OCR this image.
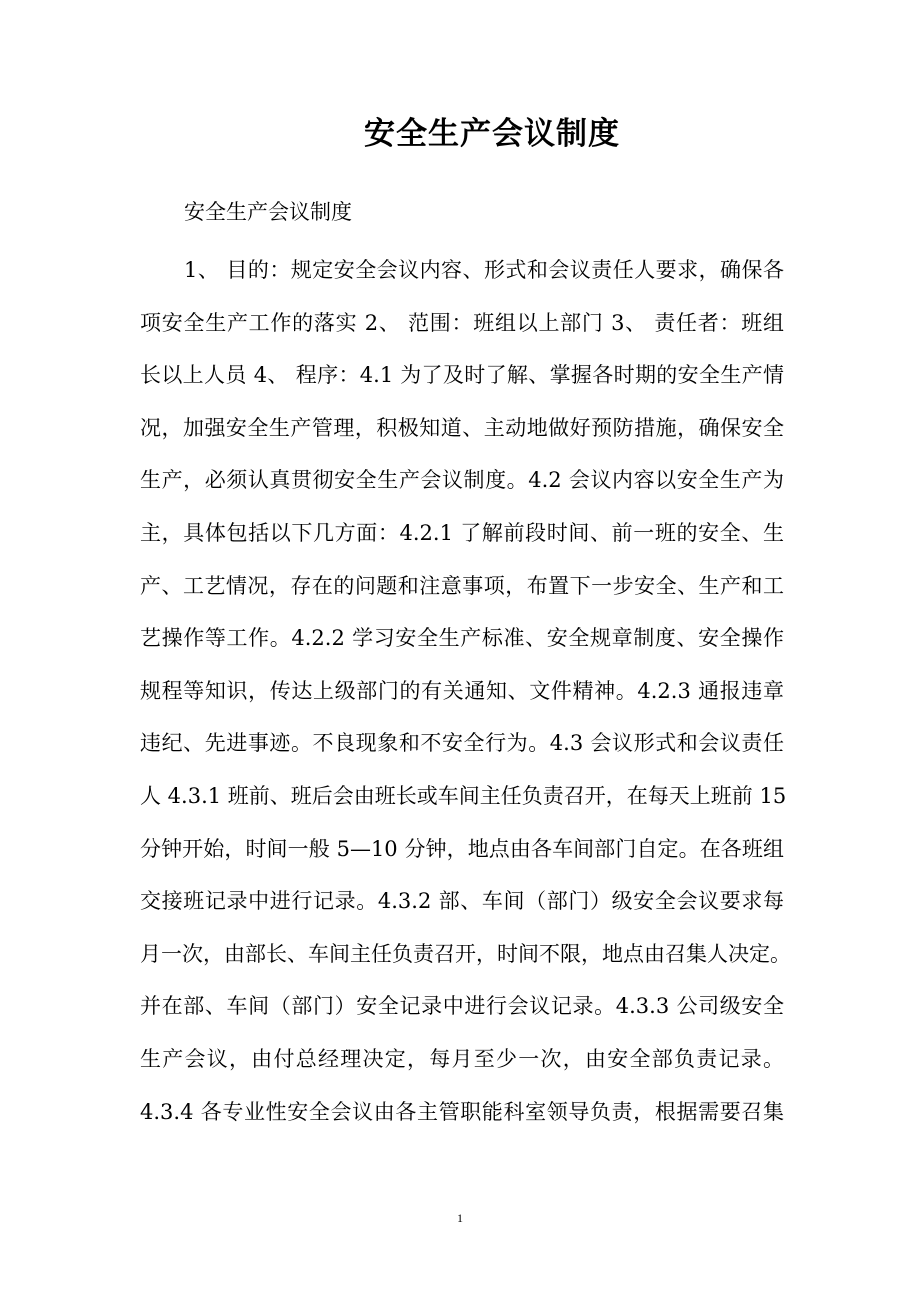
安全生产会议制度
安全生产会议制度
1、 目的：规定安全会议内容、形式和会议责任人要求，确保各
项安全生产工作的落实 2、 范围：班组以上部门 3、 责任者：班组
长以上人员 4、 程序：4.1 为了及时了解、掌握各时期的安全生产情
况，加强安全生产管理，积极知道、主动地做好预防措施，确保安全
生产，必须认真贯彻安全生产会议制度。4.2 会议内容以安全生产为
主，具体包括以下几方面：4.2.1 了解前段时间、前一班的安全、生
产、工艺情况，存在的问题和注意事项，布置下一步安全、生产和工
艺操作等工作。4.2.2 学习安全生产标准、安全规章制度、安全操作
规程等知识，传达上级部门的有关通知、文件精神。4.2.3 通报违章
违纪、先进事迹。不良现象和不安全行为。4.3 会议形式和会议责任
人 4.3.1 班前、班后会由班长或车间主任负责召开，在每天上班前 15
分钟开始，时间一般 5—10 分钟，地点由各车间部门自定。在各班组
交接班记录中进行记录。4.3.2 部、车间（部门）级安全会议要求每
月一次，由部长、车间主任负责召开，时间不限，地点由召集人决定。
并在部、车间（部门）安全记录中进行会议记录。4.3.3 公司级安全
生产会议，由付总经理决定，每月至少一次，由安全部负责记录。
4.3.4 各专业性安全会议由各主管职能科室领导负责，根据需要召集
1
